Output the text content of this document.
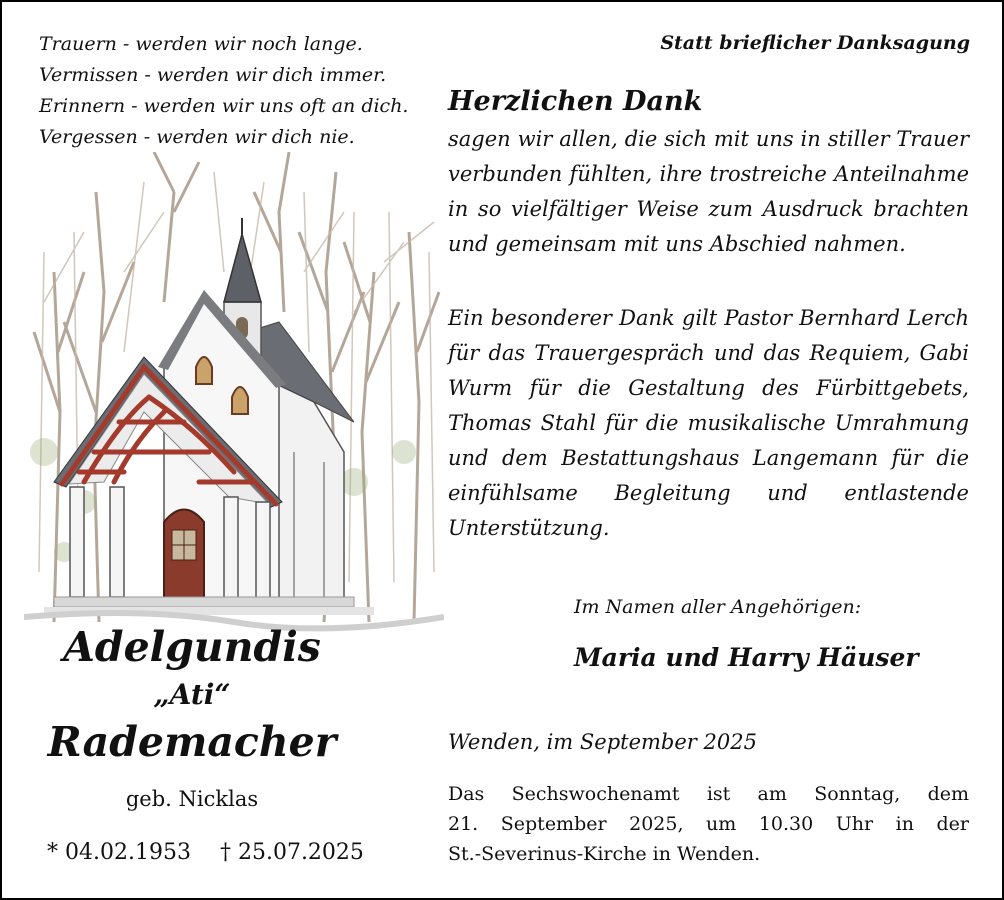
Trauern - werden wir noch lange.
Vermissen - werden wir dich immer.
Erinnern - werden wir uns oft an dich.
Vergessen - werden wir dich nie.
Adelgundis
„Ati“
Rademacher
geb. Nicklas
* 04.02.1953 † 25.07.2025
Statt brieflicher Danksagung
Herzlichen Dank
sagen wir allen, die sich mit uns in stiller Trauer
verbunden fühlten, ihre trostreiche Anteilnahme
in so vielfältiger Weise zum Ausdruck brachten
und gemeinsam mit uns Abschied nahmen.
Ein besonderer Dank gilt Pastor Bernhard Lerch
für das Trauergespräch und das Requiem, Gabi
Wurm für die Gestaltung des Fürbittgebets,
Thomas Stahl für die musikalische Umrahmung
und dem Bestattungshaus Langemann für die
einfühlsame Begleitung und entlastende
Unterstützung.
Im Namen aller Angehörigen:
Maria und Harry Häuser
Wenden, im September 2025
Das Sechswochenamt ist am Sonntag, dem
21. September 2025, um 10.30 Uhr in der
St.-Severinus-Kirche in Wenden.
